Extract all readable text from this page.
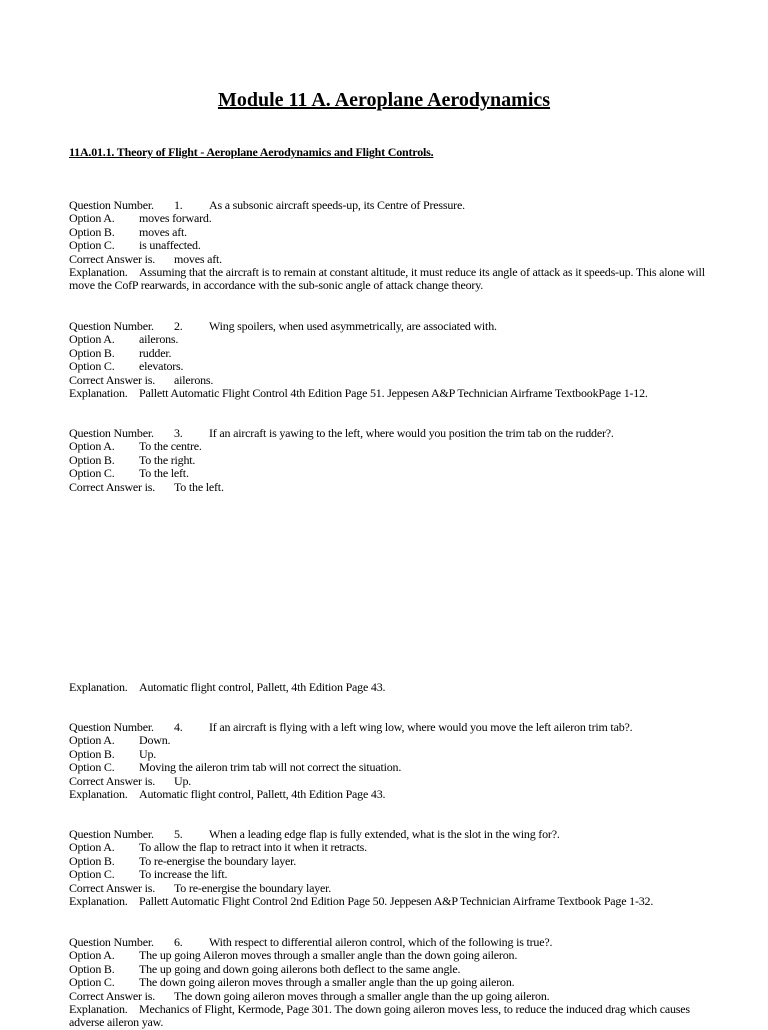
Module 11 A. Aeroplane Aerodynamics
11A.01.1. Theory of Flight - Aeroplane Aerodynamics and Flight Controls.
Question Number.	1.	As a subsonic aircraft speeds-up, its Centre of Pressure.
Option A.	moves forward.
Option B.	moves aft.
Option C.	is unaffected.
Correct Answer is.	moves aft.
Explanation. Assuming that the aircraft is to remain at constant altitude, it must reduce its angle of attack as it speeds-up. This alone will move the CofP rearwards, in accordance with the sub-sonic angle of attack change theory.
Question Number.	2.	Wing spoilers, when used asymmetrically, are associated with.
Option A.	ailerons.
Option B.	rudder.
Option C.	elevators.
Correct Answer is.	ailerons.
Explanation. Pallett Automatic Flight Control 4th Edition Page 51. Jeppesen A&P Technician Airframe TextbookPage 1-12.
Question Number.	3.	If an aircraft is yawing to the left, where would you position the trim tab on the rudder?.
Option A.	To the centre.
Option B.	To the right.
Option C.	To the left.
Correct Answer is.	To the left.
Explanation. Automatic flight control, Pallett, 4th Edition Page 43.
Question Number.	4.	If an aircraft is flying with a left wing low, where would you move the left aileron trim tab?.
Option A.	Down.
Option B.	Up.
Option C.	Moving the aileron trim tab will not correct the situation.
Correct Answer is.	Up.
Explanation. Automatic flight control, Pallett, 4th Edition Page 43.
Question Number.	5.	When a leading edge flap is fully extended, what is the slot in the wing for?.
Option A.	To allow the flap to retract into it when it retracts.
Option B.	To re-energise the boundary layer.
Option C.	To increase the lift.
Correct Answer is.	To re-energise the boundary layer.
Explanation. Pallett Automatic Flight Control 2nd Edition Page 50. Jeppesen A&P Technician Airframe Textbook Page 1-32.
Question Number.	6.	With respect to differential aileron control, which of the following is true?.
Option A.	The up going Aileron moves through a smaller angle than the down going aileron.
Option B.	The up going and down going ailerons both deflect to the same angle.
Option C.	The down going aileron moves through a smaller angle than the up going aileron.
Correct Answer is.	The down going aileron moves through a smaller angle than the up going aileron.
Explanation. Mechanics of Flight, Kermode, Page 301. The down going aileron moves less, to reduce the induced drag which causes adverse aileron yaw.
